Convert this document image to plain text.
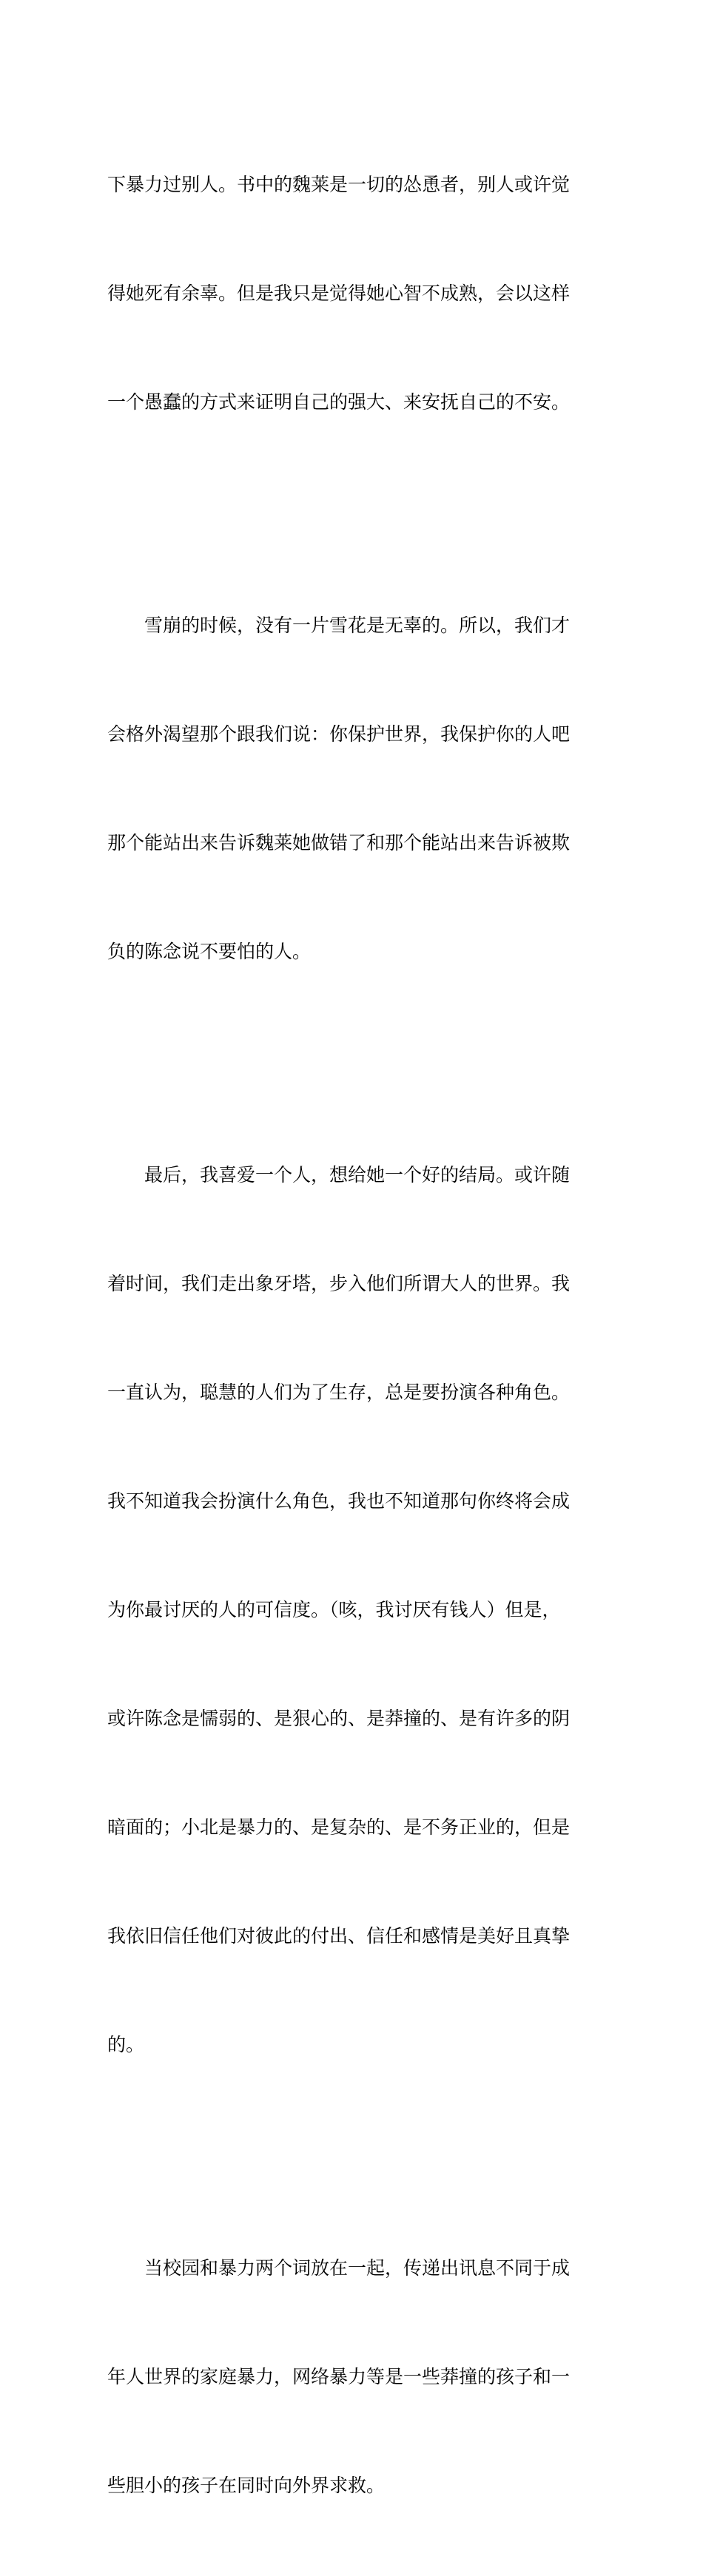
下暴力过别人。书中的魏莱是一切的怂恿者，别人或许觉

得她死有余辜。但是我只是觉得她心智不成熟，会以这样

一个愚蠢的方式来证明自己的强大、来安抚自己的不安。

雪崩的时候，没有一片雪花是无辜的。所以，我们才

会格外渴望那个跟我们说：你保护世界，我保护你的人吧

那个能站出来告诉魏莱她做错了和那个能站出来告诉被欺

负的陈念说不要怕的人。

最后，我喜爱一个人，想给她一个好的结局。或许随

着时间，我们走出象牙塔，步入他们所谓大人的世界。我

一直认为，聪慧的人们为了生存，总是要扮演各种角色。

我不知道我会扮演什么角色，我也不知道那句你终将会成

为你最讨厌的人的可信度。（咳，我讨厌有钱人）但是，

或许陈念是懦弱的、是狠心的、是莽撞的、是有许多的阴

暗面的；小北是暴力的、是复杂的、是不务正业的，但是

我依旧信任他们对彼此的付出、信任和感情是美好且真挚

的。

当校园和暴力两个词放在一起，传递出讯息不同于成

年人世界的家庭暴力，网络暴力等是一些莽撞的孩子和一

些胆小的孩子在同时向外界求救。
